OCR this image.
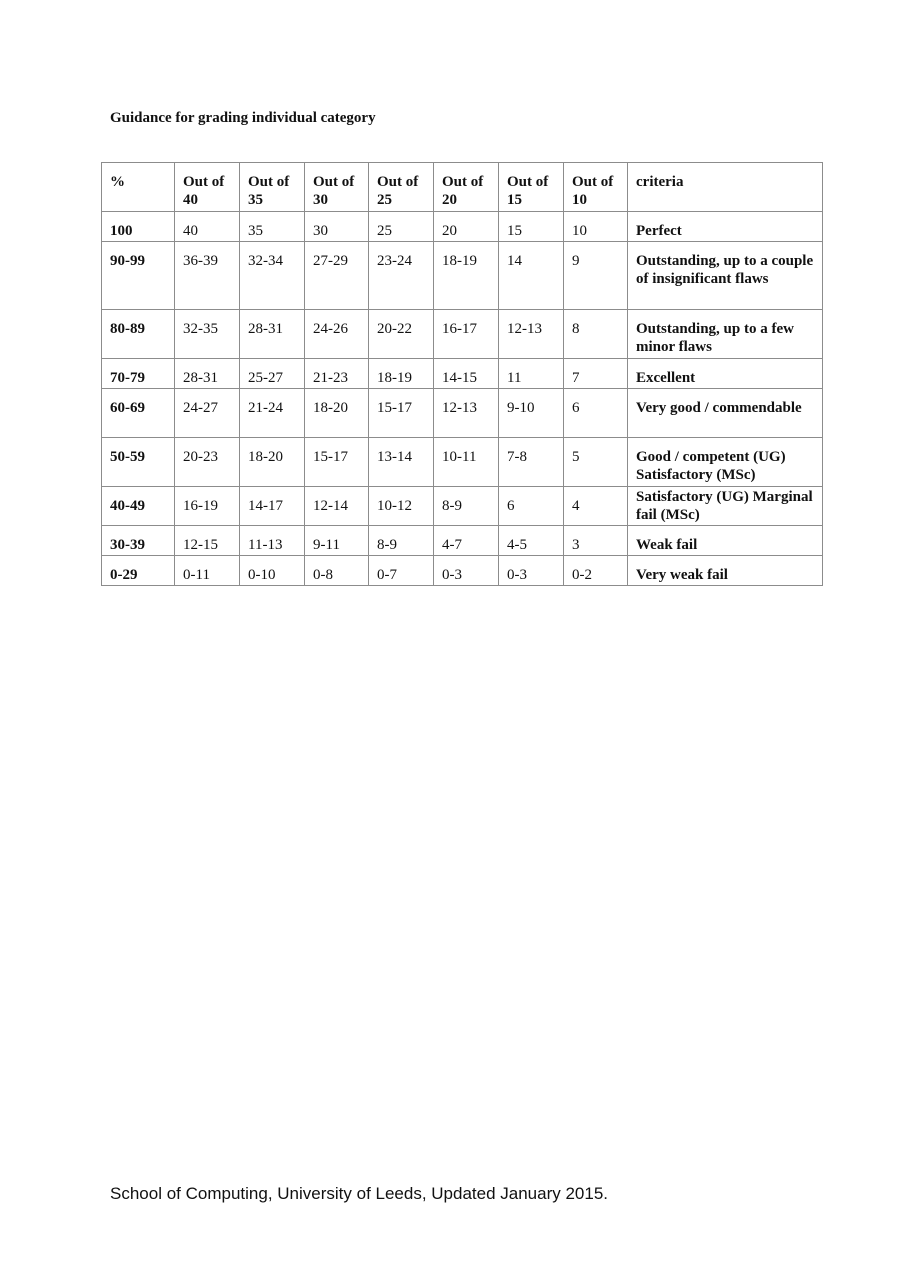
Guidance for grading individual category
%	Out of 40	Out of 35	Out of 30	Out of 25	Out of 20	Out of 15	Out of 10	criteria
100	40	35	30	25	20	15	10	Perfect
90-99	36-39	32-34	27-29	23-24	18-19	14	9	Outstanding, up to a couple of insignificant flaws
80-89	32-35	28-31	24-26	20-22	16-17	12-13	8	Outstanding, up to a few minor flaws
70-79	28-31	25-27	21-23	18-19	14-15	11	7	Excellent
60-69	24-27	21-24	18-20	15-17	12-13	9-10	6	Very good / commendable
50-59	20-23	18-20	15-17	13-14	10-11	7-8	5	Good / competent (UG) Satisfactory (MSc)
40-49	16-19	14-17	12-14	10-12	8-9	6	4	Satisfactory (UG) Marginal fail (MSc)
30-39	12-15	11-13	9-11	8-9	4-7	4-5	3	Weak fail
0-29	0-11	0-10	0-8	0-7	0-3	0-3	0-2	Very weak fail

School of Computing, University of Leeds, Updated January 2015.
